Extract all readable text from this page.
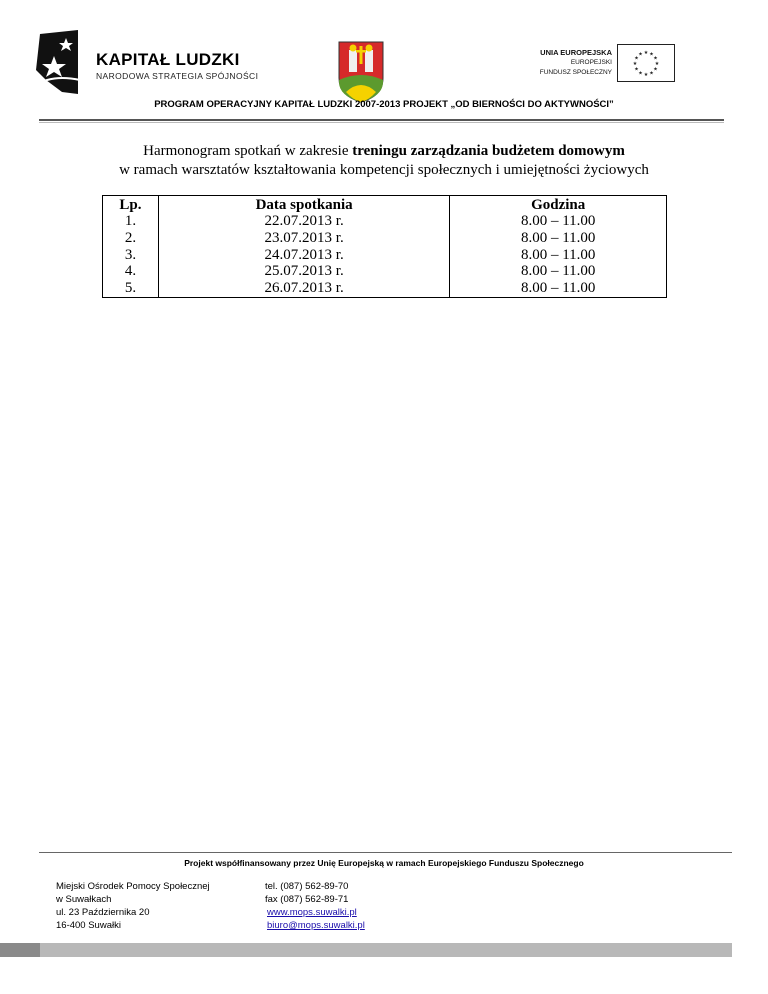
KAPITAŁ LUDZKI
NARODOWA STRATEGIA SPÓJNOŚCI
UNIA EUROPEJSKA
EUROPEJSKI
FUNDUSZ SPOŁECZNY
★
★
★
★
★
★
★
★
★ ★ ★
★
PROGRAM OPERACYJNY KAPITAŁ LUDZKI 2007-2013 PROJEKT „OD BIERNOŚCI DO AKTYWNOŚCI”
Harmonogram spotkań w zakresie treningu zarządzania budżetem domowym
w ramach warsztatów kształtowania kompetencji społecznych i umiejętności życiowych
Lp.	Data spotkania	Godzina
1.	22.07.2013 r.	8.00 – 11.00
2.	23.07.2013 r.	8.00 – 11.00
3.	24.07.2013 r.	8.00 – 11.00
4.	25.07.2013 r.	8.00 – 11.00
5.	26.07.2013 r.	8.00 – 11.00
Projekt współfinansowany przez Unię Europejską w ramach Europejskiego Funduszu Społecznego
Miejski Ośrodek Pomocy Społecznej
w Suwałkach
ul. 23 Października 20
16-400 Suwałki
tel. (087) 562-89-70
fax (087) 562-89-71
www.mops.suwalki.pl
biuro@mops.suwalki.pl
